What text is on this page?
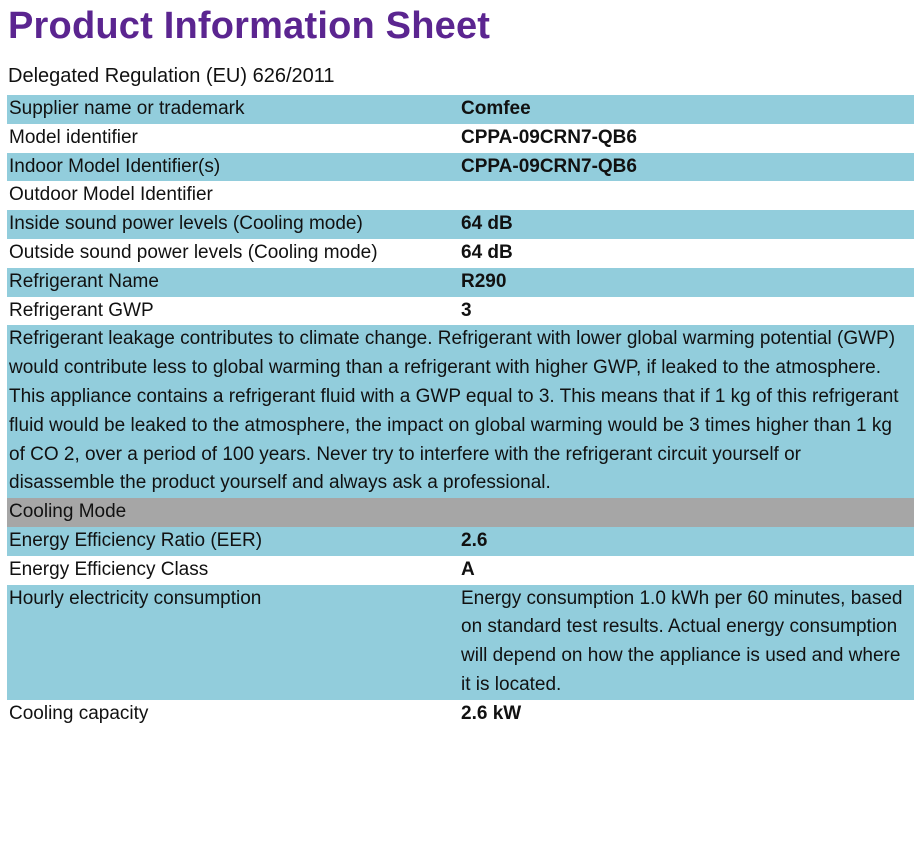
Product Information Sheet
Delegated Regulation (EU) 626/2011
Supplier name or trademark	Comfee
Model identifier	CPPA-09CRN7-QB6
Indoor Model Identifier(s)	CPPA-09CRN7-QB6
Outdoor Model Identifier
Inside sound power levels (Cooling mode)	64 dB
Outside sound power levels (Cooling mode)	64 dB
Refrigerant Name	R290
Refrigerant GWP	3
Refrigerant leakage contributes to climate change. Refrigerant with lower global warming potential (GWP) would contribute less to global warming than a refrigerant with higher GWP, if leaked to the atmosphere. This appliance contains a refrigerant fluid with a GWP equal to 3. This means that if 1 kg of this refrigerant fluid would be leaked to the atmosphere, the impact on global warming would be 3 times higher than 1 kg of CO 2, over a period of 100 years. Never try to interfere with the refrigerant circuit yourself or disassemble the product yourself and always ask a professional.
Cooling Mode
Energy Efficiency Ratio (EER)	2.6
Energy Efficiency Class	A
Hourly electricity consumption	Energy consumption 1.0 kWh per 60 minutes, based on standard test results. Actual energy consumption will depend on how the appliance is used and where it is located.
Cooling capacity	2.6 kW
